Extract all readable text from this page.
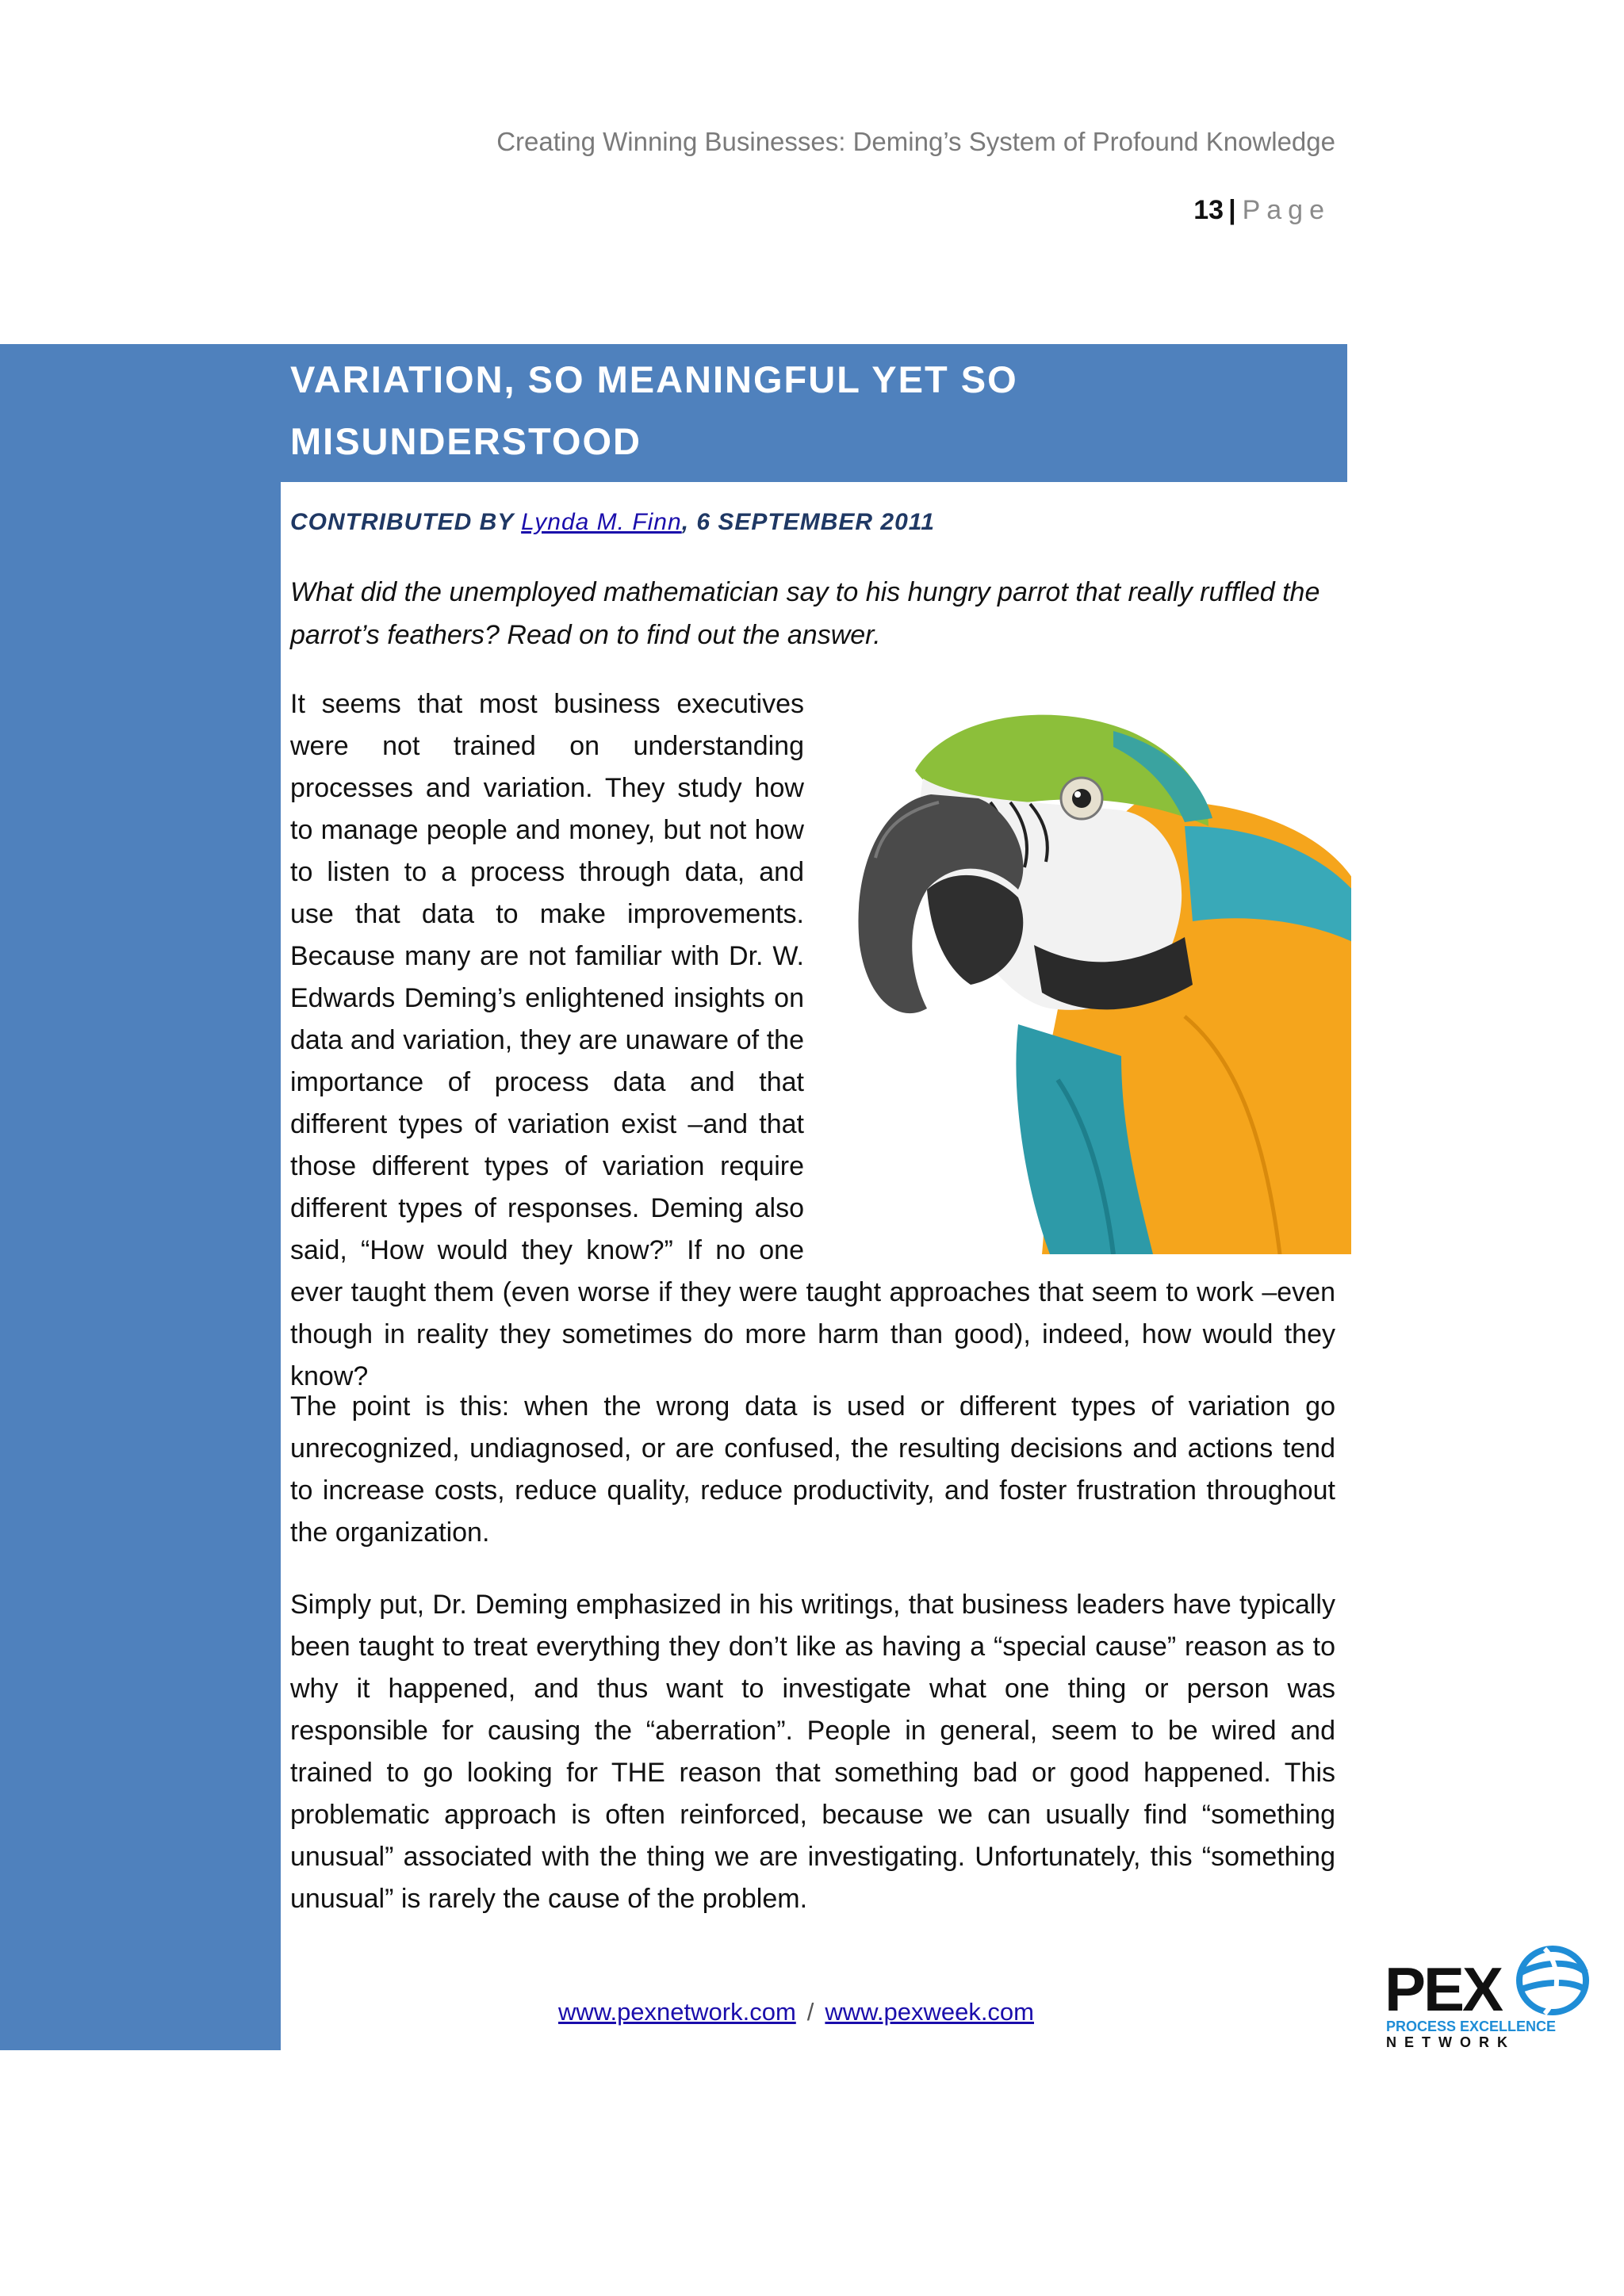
Creating Winning Businesses: Deming’s System of Profound Knowledge
13 | Page
VARIATION, SO MEANINGFUL YET SO MISUNDERSTOOD
CONTRIBUTED BY Lynda M. Finn, 6 SEPTEMBER 2011

What did the unemployed mathematician say to his hungry parrot that really ruffled the parrot’s feathers? Read on to find out the answer.

It seems that most business executives were not trained on understanding processes and variation. They study how to manage people and money, but not how to listen to a process through data, and use that data to make improvements. Because many are not familiar with Dr. W. Edwards Deming’s enlightened insights on data and variation, they are unaware of the importance of process data and that different types of variation exist –and that those different types of variation require different types of responses. Deming also said, “How would they know?” If no one ever taught them (even worse if they were taught approaches that seem to work –even though in reality they sometimes do more harm than good), indeed, how would they know?

The point is this: when the wrong data is used or different types of variation go unrecognized, undiagnosed, or are confused, the resulting decisions and actions tend to increase costs, reduce quality, reduce productivity, and foster frustration throughout the organization.

Simply put, Dr. Deming emphasized in his writings, that business leaders have typically been taught to treat everything they don’t like as having a “special cause” reason as to why it happened, and thus want to investigate what one thing or person was responsible for causing the “aberration”. People in general, seem to be wired and trained to go looking for THE reason that something bad or good happened. This problematic approach is often reinforced, because we can usually find “something unusual” associated with the thing we are investigating. Unfortunately, this “something unusual” is rarely the cause of the problem.

www.pexnetwork.com / www.pexweek.com	PEX
PROCESS EXCELLENCE
NETWORK
